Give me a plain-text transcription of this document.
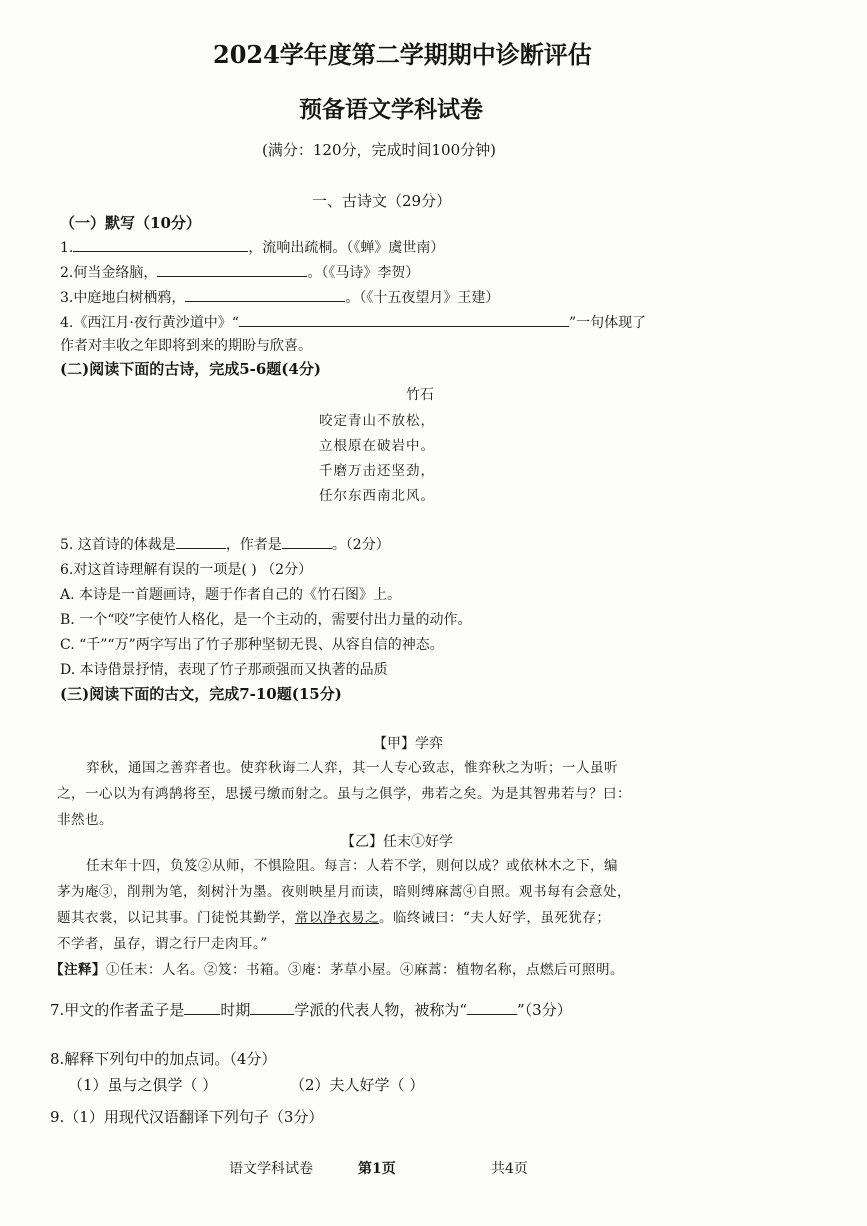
2024学年度第二学期期中诊断评估
预备语文学科试卷
(满分：120分，完成时间100分钟)
一、古诗文（29分）
（一）默写（10分）
1.	，流响出疏桐。（《蝉》虞世南）
2.何当金络脑，	。（《马诗》李贺）
3.中庭地白树栖鸦，	。（《十五夜望月》王建）
4.《西江月·夜行黄沙道中》“	”一句体现了
作者对丰收之年即将到来的期盼与欣喜。
(二)阅读下面的古诗，完成5-6题(4分)
竹石
咬定青山不放松，
立根原在破岩中。
千磨万击还坚劲，
任尔东西南北风。
5. 这首诗的体裁是	，作者是	。（2分）
6.对这首诗理解有误的一项是( ) （2分）
A. 本诗是一首题画诗，题于作者自己的《竹石图》上。
B. 一个“咬”字使竹人格化，是一个主动的，需要付出力量的动作。
C. “千”“万”两字写出了竹子那种坚韧无畏、从容自信的神态。
D. 本诗借景抒情，表现了竹子那顽强而又执著的品质
(三)阅读下面的古文，完成7-10题(15分)
【甲】学弈
弈秋，通国之善弈者也。使弈秋诲二人弈，其一人专心致志，惟弈秋之为听；一人虽听
之，一心以为有鸿鹄将至，思援弓缴而射之。虽与之俱学，弗若之矣。为是其智弗若与？曰：
非然也。
【乙】任末①好学
任末年十四，负笈②从师，不惧险阻。每言：人若不学，则何以成？或依林木之下，编
茅为庵③，削荆为笔，刻树汁为墨。夜则映星月而读，暗则缚麻蒿④自照。观书每有会意处，
题其衣裳，以记其事。门徒悦其勤学，常以净衣易之。临终诫曰：“夫人好学，虽死犹存；
不学者，虽存，谓之行尸走肉耳。”
【注释】①任末：人名。②笈：书箱。③庵：茅草小屋。④麻蒿：植物名称，点燃后可照明。
7.甲文的作者孟子是 时期	学派的代表人物，被称为“	”（3分）
8.解释下列句中的加点词。（4分）
（1）虽与之俱学（ ）	（2）夫人好学（ ）
9.（1）用现代汉语翻译下列句子（3分）
语文学科试卷	第1页	共4页
